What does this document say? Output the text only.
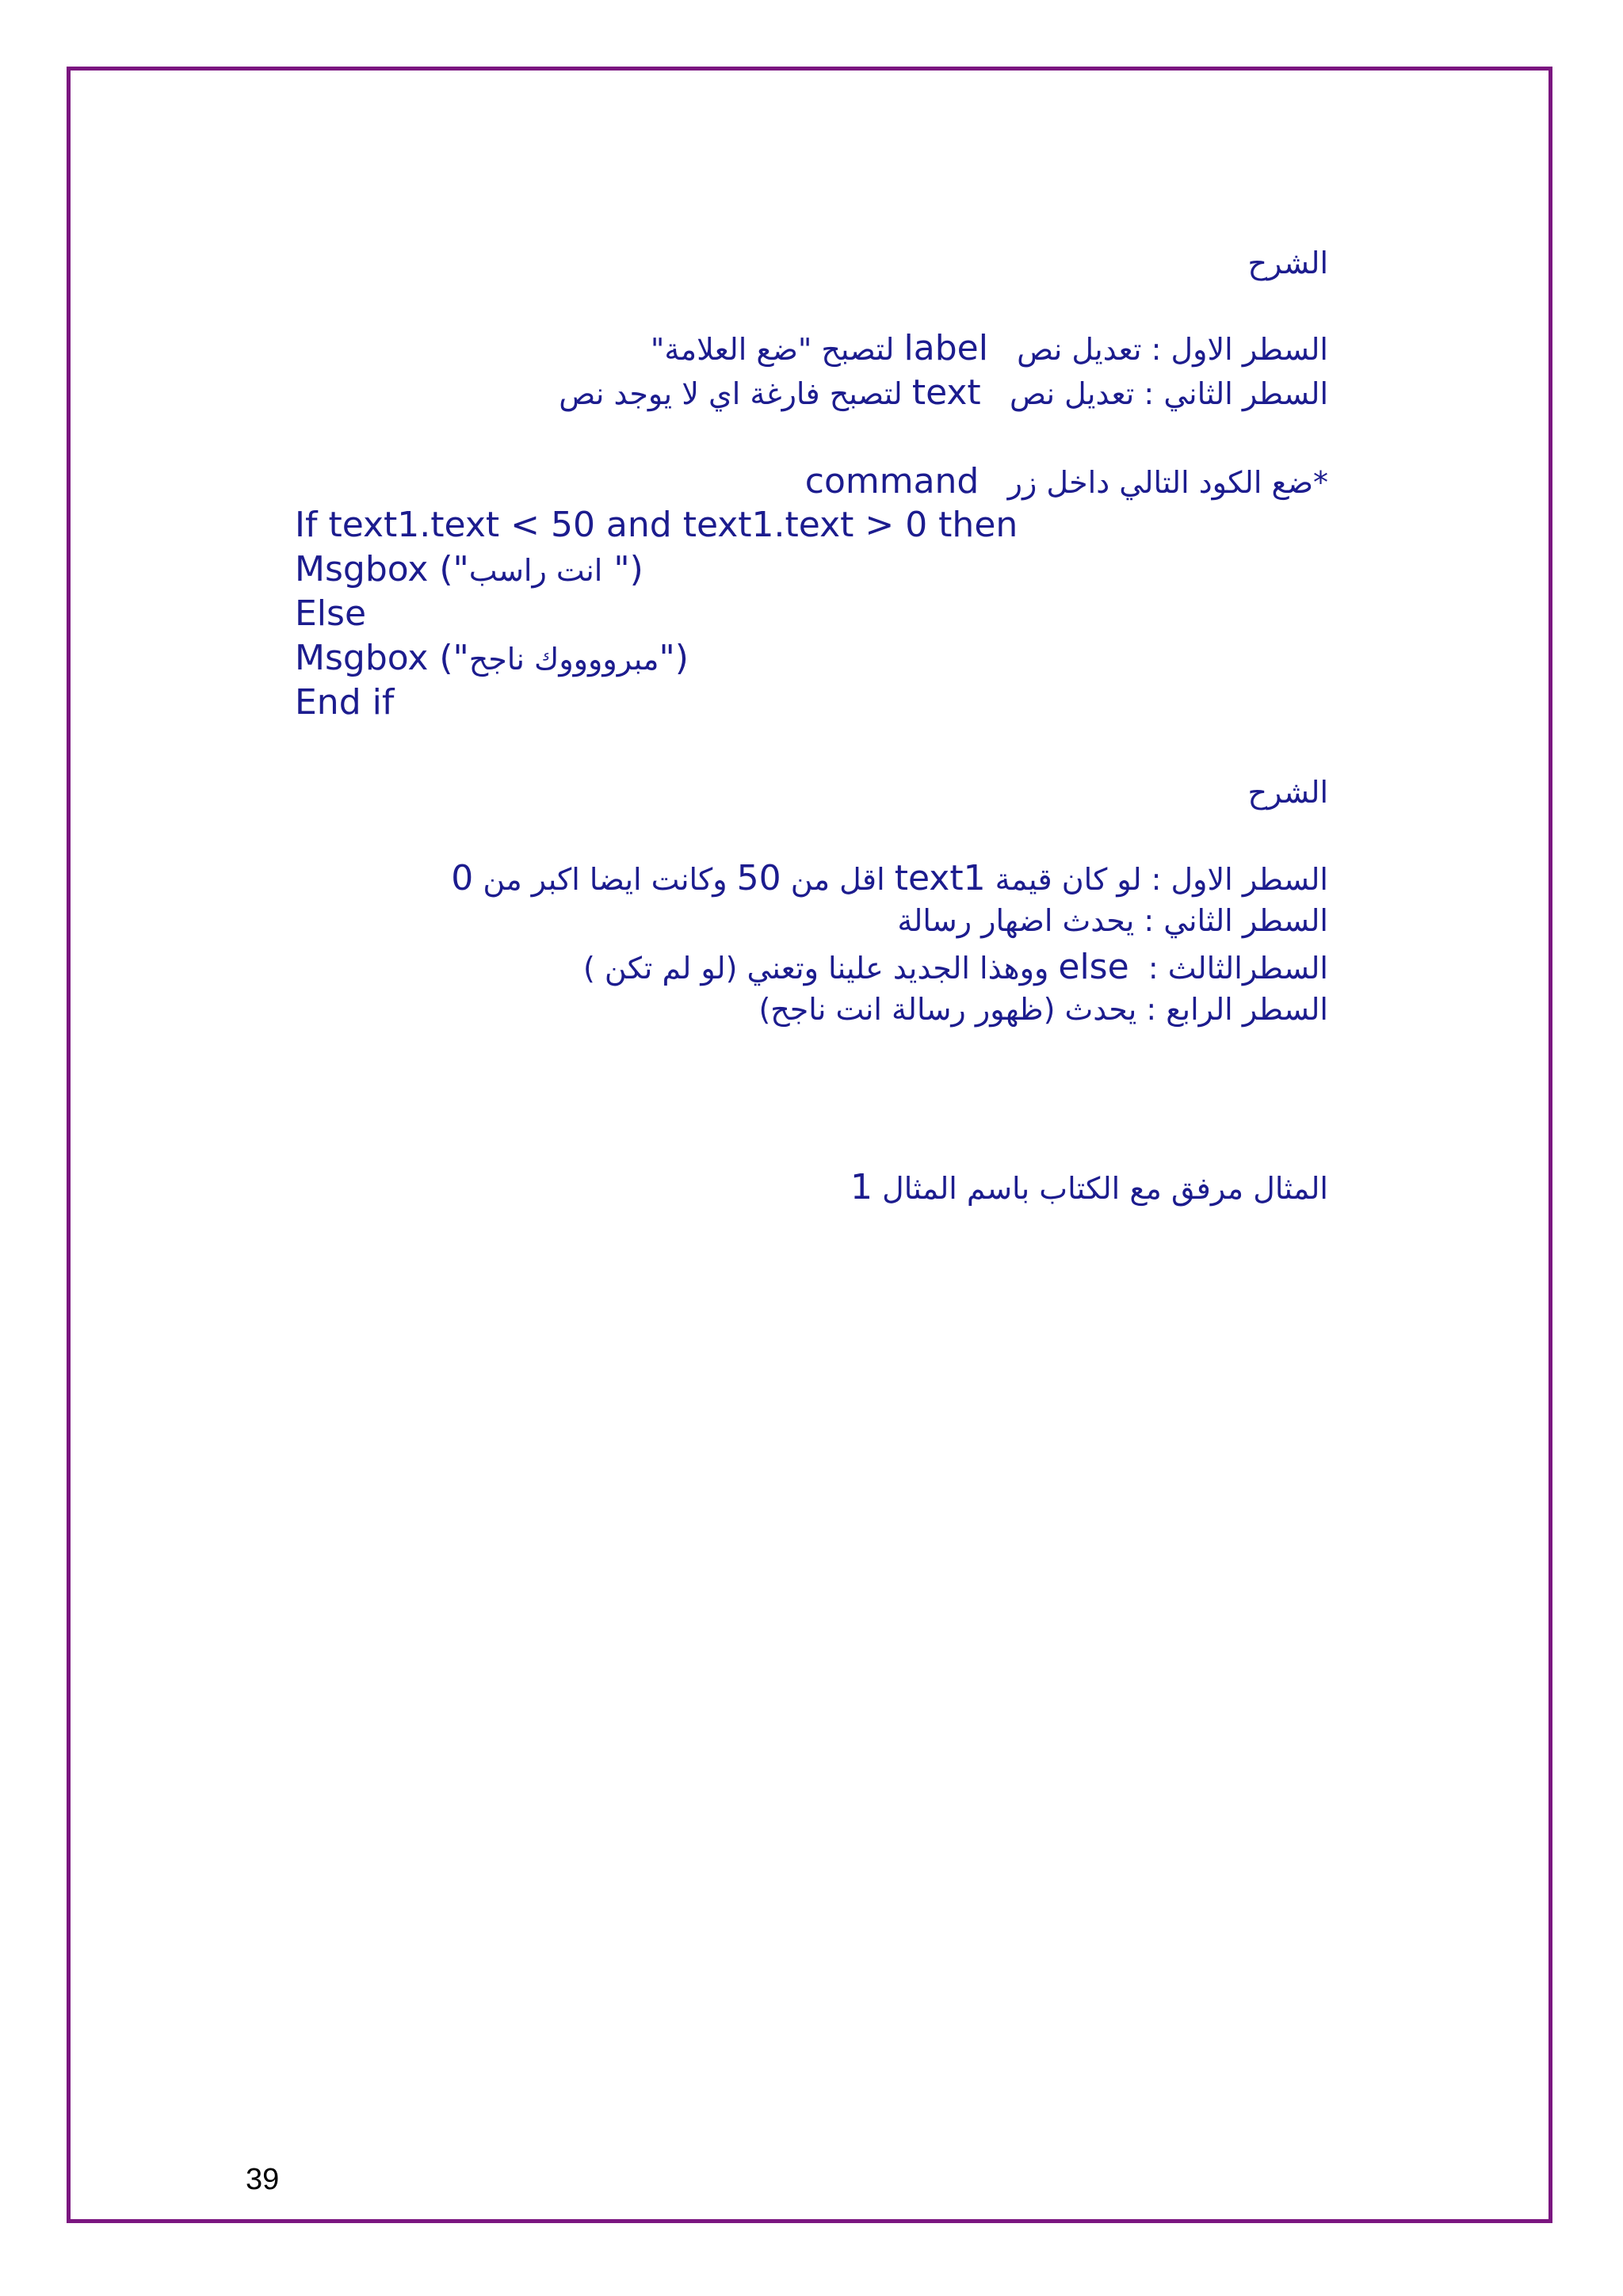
الشرح
السطر الاول : تعديل نص   label لتصبح "ضع العلامة"
السطر الثاني : تعديل نص   text لتصبح فارغة اي لا يوجد نص
*ضع الكود التالي داخل زر   command
If text1.text < 50 and text1.text > 0 then
Msgbox ("انت راسب ")
Else
Msgbox ("مبرووووك ناجح")
End if
الشرح
السطر الاول : لو كان قيمة text1 اقل من 50 وكانت ايضا اكبر من 0
السطر الثاني : يحدث اضهار رسالة
السطرالثالث :  else ووهذا الجديد علينا وتعني (لو لم تكن )
السطر الرابع : يحدث (ظهور رسالة انت ناجح)
المثال مرفق مع الكتاب باسم المثال 1
39
